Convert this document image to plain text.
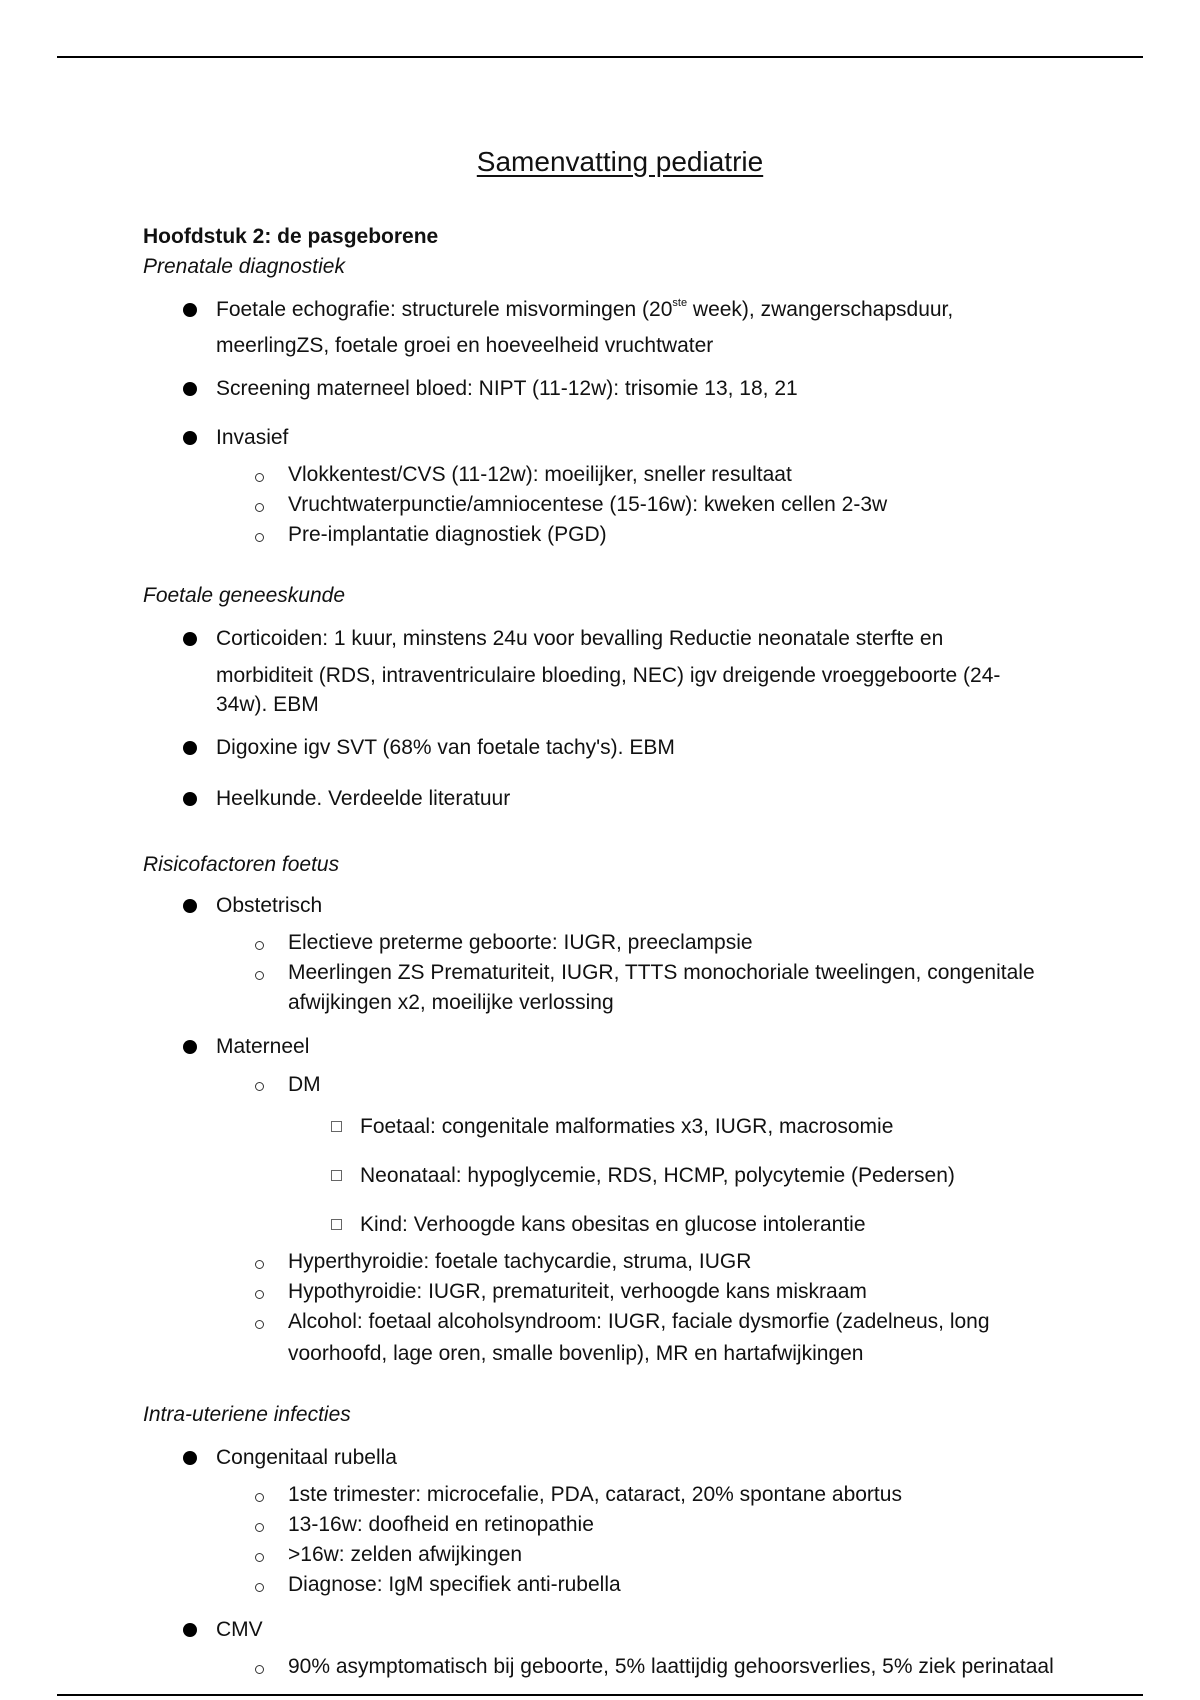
Samenvatting pediatrie
Hoofdstuk 2: de pasgeborene
Prenatale diagnostiek
Foetale echografie: structurele misvormingen (20ste week), zwangerschapsduur,
meerlingZS, foetale groei en hoeveelheid vruchtwater
Screening materneel bloed: NIPT (11-12w): trisomie 13, 18, 21
Invasief
Vlokkentest/CVS (11-12w): moeilijker, sneller resultaat
Vruchtwaterpunctie/amniocentese (15-16w): kweken cellen 2-3w
Pre-implantatie diagnostiek (PGD)
Foetale geneeskunde
Corticoiden: 1 kuur, minstens 24u voor bevalling Reductie neonatale sterfte en
morbiditeit (RDS, intraventriculaire bloeding, NEC) igv dreigende vroeggeboorte (24-
34w). EBM
Digoxine igv SVT (68% van foetale tachy's). EBM
Heelkunde. Verdeelde literatuur
Risicofactoren foetus
Obstetrisch
Electieve preterme geboorte: IUGR, preeclampsie
Meerlingen ZS Prematuriteit, IUGR, TTTS monochoriale tweelingen, congenitale
afwijkingen x2, moeilijke verlossing
Materneel
DM
Foetaal: congenitale malformaties x3, IUGR, macrosomie
Neonataal: hypoglycemie, RDS, HCMP, polycytemie (Pedersen)
Kind: Verhoogde kans obesitas en glucose intolerantie
Hyperthyroidie: foetale tachycardie, struma, IUGR
Hypothyroidie: IUGR, prematuriteit, verhoogde kans miskraam
Alcohol: foetaal alcoholsyndroom: IUGR, faciale dysmorfie (zadelneus, long
voorhoofd, lage oren, smalle bovenlip), MR en hartafwijkingen
Intra-uteriene infecties
Congenitaal rubella
1ste trimester: microcefalie, PDA, cataract, 20% spontane abortus
13-16w: doofheid en retinopathie
>16w: zelden afwijkingen
Diagnose: IgM specifiek anti-rubella
CMV
90% asymptomatisch bij geboorte, 5% laattijdig gehoorsverlies, 5% ziek perinataal
